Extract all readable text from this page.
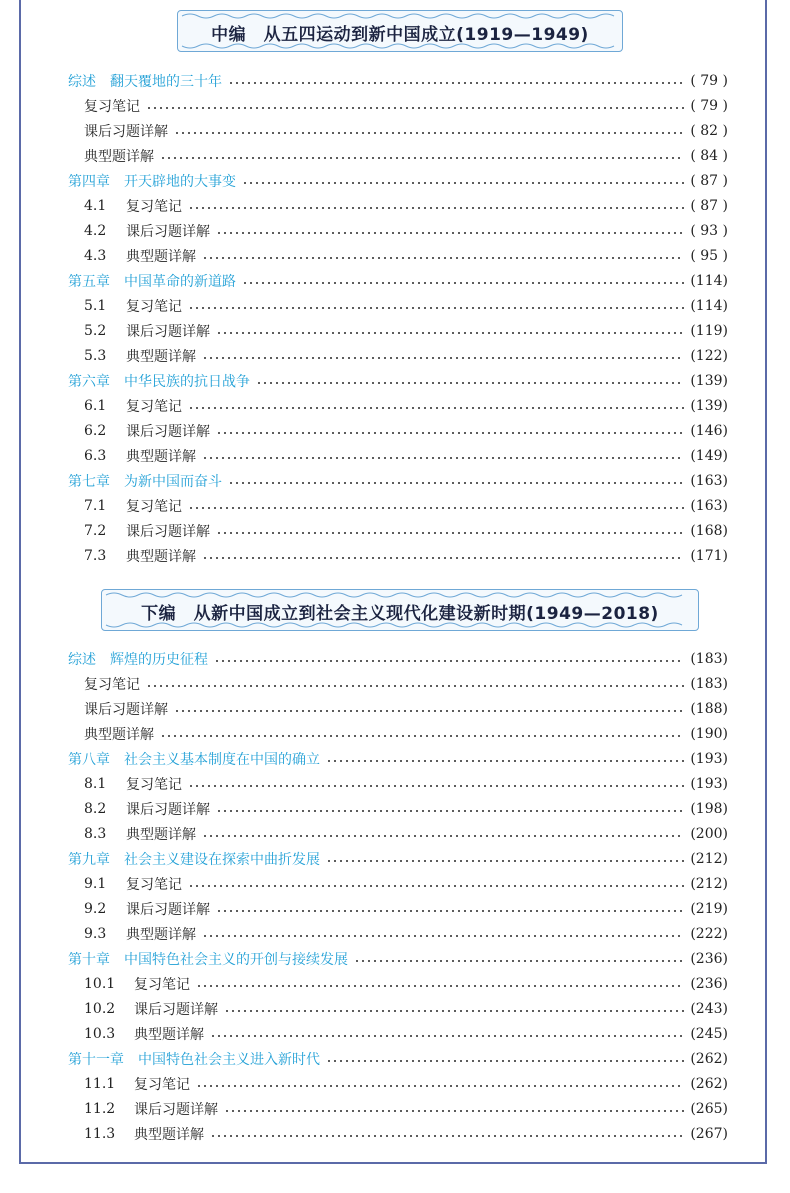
中编　从五四运动到新中国成立(1919—1949)
下编　从新中国成立到社会主义现代化建设新时期(1949—2018)
综述 翻天覆地的三十年	( 79 )
复习笔记	( 79 )
课后习题详解	( 82 )
典型题详解	( 84 )
第四章 开天辟地的大事变	( 87 )
4.1	复习笔记	( 87 )
4.2	课后习题详解	( 93 )
4.3	典型题详解	( 95 )
第五章 中国革命的新道路	(114)
5.1	复习笔记	(114)
5.2	课后习题详解	(119)
5.3	典型题详解	(122)
第六章 中华民族的抗日战争	(139)
6.1	复习笔记	(139)
6.2	课后习题详解	(146)
6.3	典型题详解	(149)
第七章 为新中国而奋斗	(163)
7.1	复习笔记	(163)
7.2	课后习题详解	(168)
7.3	典型题详解	(171)
综述 辉煌的历史征程	(183)
复习笔记	(183)
课后习题详解	(188)
典型题详解	(190)
第八章 社会主义基本制度在中国的确立	(193)
8.1	复习笔记	(193)
8.2	课后习题详解	(198)
8.3	典型题详解	(200)
第九章 社会主义建设在探索中曲折发展	(212)
9.1	复习笔记	(212)
9.2	课后习题详解	(219)
9.3	典型题详解	(222)
第十章 中国特色社会主义的开创与接续发展	(236)
10.1	复习笔记	(236)
10.2	课后习题详解	(243)
10.3	典型题详解	(245)
第十一章 中国特色社会主义进入新时代	(262)
11.1	复习笔记	(262)
11.2	课后习题详解	(265)
11.3	典型题详解	(267)
